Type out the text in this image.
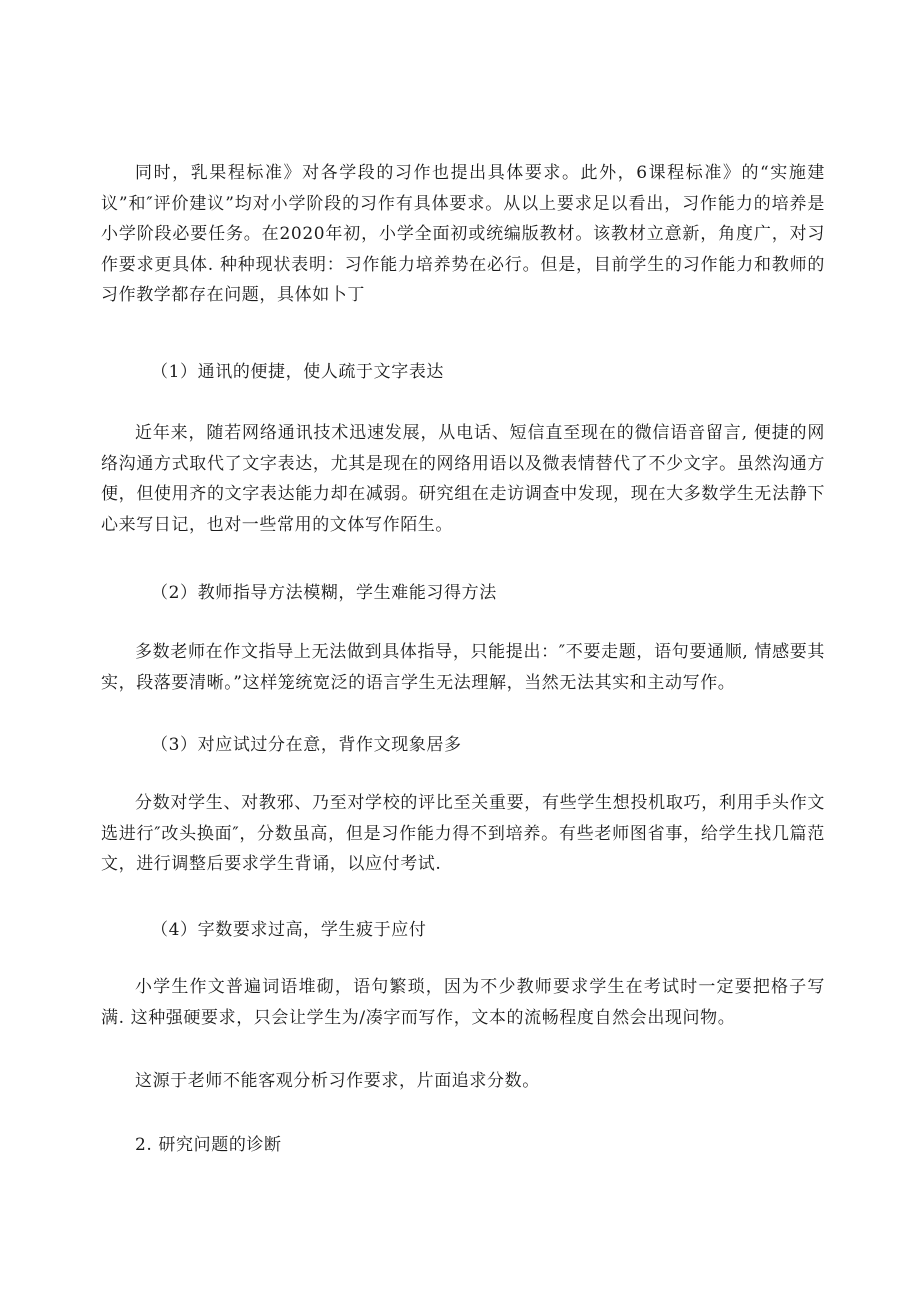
同时，乳果程标准》对各学段的习作也提出具体要求。此外，6课程标准》的“实施建议”和″评价建议”均对小学阶段的习作有具体要求。从以上要求足以看出，习作能力的培养是小学阶段必要任务。在2020年初，小学全面初或统编版教材。该教材立意新，角度广，对习作要求更具体. 种种现状表明：习作能力培养势在必行。但是，目前学生的习作能力和教师的习作教学都存在问题，具体如卜丁

（1）通讯的便捷，使人疏于文字表达

近年来，随若网络通讯技术迅速发展，从电话、短信直至现在的微信语音留言, 便捷的网络沟通方式取代了文字表达，尤其是现在的网络用语以及微表情替代了不少文字。虽然沟通方便，但使用齐的文字表达能力却在减弱。研究组在走访调查中发现，现在大多数学生无法静下心来写日记，也对一些常用的文体写作陌生。

（2）教师指导方法模糊，学生难能习得方法

多数老师在作文指导上无法做到具体指导，只能提出：″不要走题，语句要通顺, 情感要其实，段落要清晰。”这样笼统宽泛的语言学生无法理解，当然无法其实和主动写作。

（3）对应试过分在意，背作文现象居多

分数对学生、对教邪、乃至对学校的评比至关重要，有些学生想投机取巧，利用手头作文选进行″改头换面″，分数虽高，但是习作能力得不到培养。有些老师图省事，给学生找几篇范文，进行调整后要求学生背诵，以应付考试.

（4）字数要求过高，学生疲于应付

小学生作文普遍词语堆砌，语句繁琐，因为不少教师要求学生在考试时一定要把格子写满. 这种强硬要求，只会让学生为/凑字而写作，文本的流畅程度自然会出现问物。

这源于老师不能客观分析习作要求，片面追求分数。

2. 研究问题的诊断
